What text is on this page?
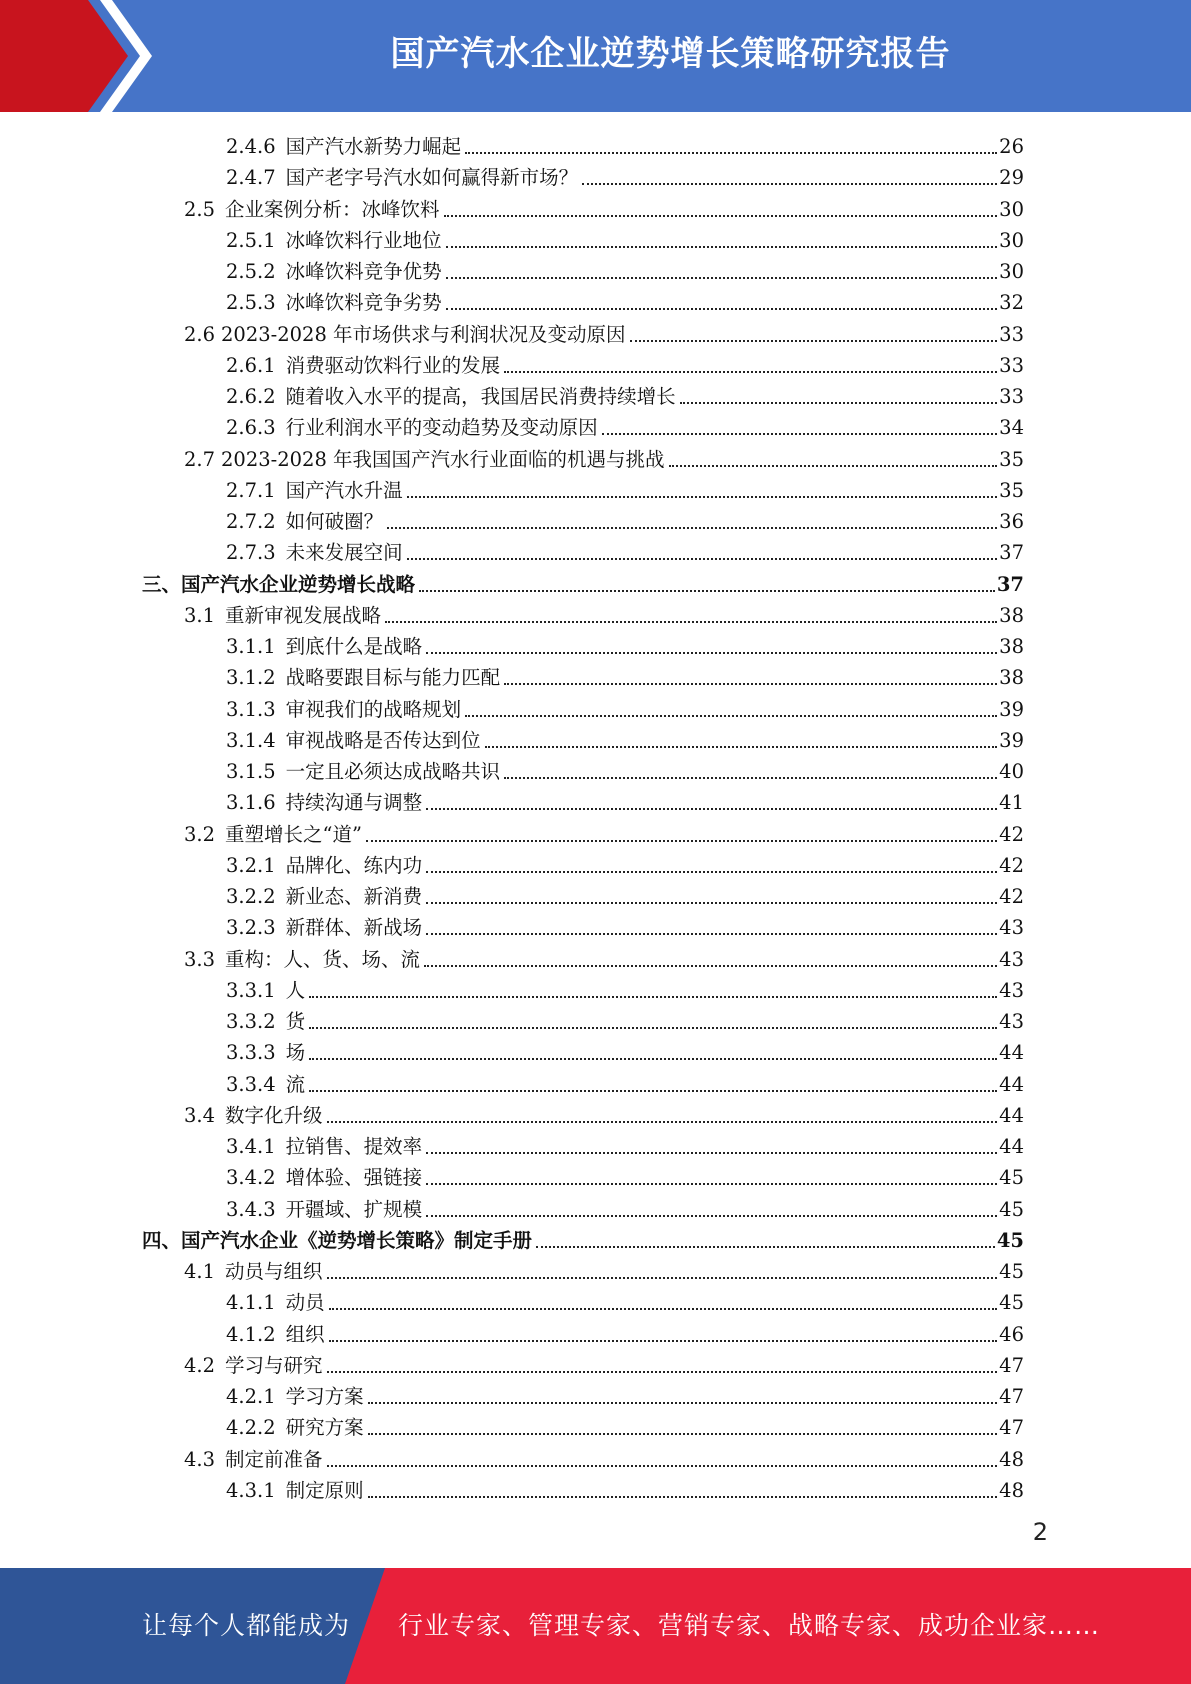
国产汽水企业逆势增长策略研究报告
2.4.6 国产汽水新势力崛起	26
2.4.7 国产老字号汽水如何赢得新市场？	29
2.5 企业案例分析：冰峰饮料	30
2.5.1 冰峰饮料行业地位	30
2.5.2 冰峰饮料竞争优势	30
2.5.3 冰峰饮料竞争劣势	32
2.6 2023-2028 年市场供求与利润状况及变动原因	33
2.6.1 消费驱动饮料行业的发展	33
2.6.2 随着收入水平的提高，我国居民消费持续增长	33
2.6.3 行业利润水平的变动趋势及变动原因	34
2.7 2023-2028 年我国国产汽水行业面临的机遇与挑战	35
2.7.1 国产汽水升温	35
2.7.2 如何破圈？	36
2.7.3 未来发展空间	37
三、国产汽水企业逆势增长战略	37
3.1 重新审视发展战略	38
3.1.1 到底什么是战略	38
3.1.2 战略要跟目标与能力匹配	38
3.1.3 审视我们的战略规划	39
3.1.4 审视战略是否传达到位	39
3.1.5 一定且必须达成战略共识	40
3.1.6 持续沟通与调整	41
3.2 重塑增长之“道”	42
3.2.1 品牌化、练内功	42
3.2.2 新业态、新消费	42
3.2.3 新群体、新战场	43
3.3 重构：人、货、场、流	43
3.3.1 人	43
3.3.2 货	43
3.3.3 场	44
3.3.4 流	44
3.4 数字化升级	44
3.4.1 拉销售、提效率	44
3.4.2 增体验、强链接	45
3.4.3 开疆域、扩规模	45
四、国产汽水企业《逆势增长策略》制定手册	45
4.1 动员与组织	45
4.1.1 动员	45
4.1.2 组织	46
4.2 学习与研究	47
4.2.1 学习方案	47
4.2.2 研究方案	47
4.3 制定前准备	48
4.3.1 制定原则	48
2
让每个人都能成为 行业专家、管理专家、营销专家、战略专家、成功企业家……
